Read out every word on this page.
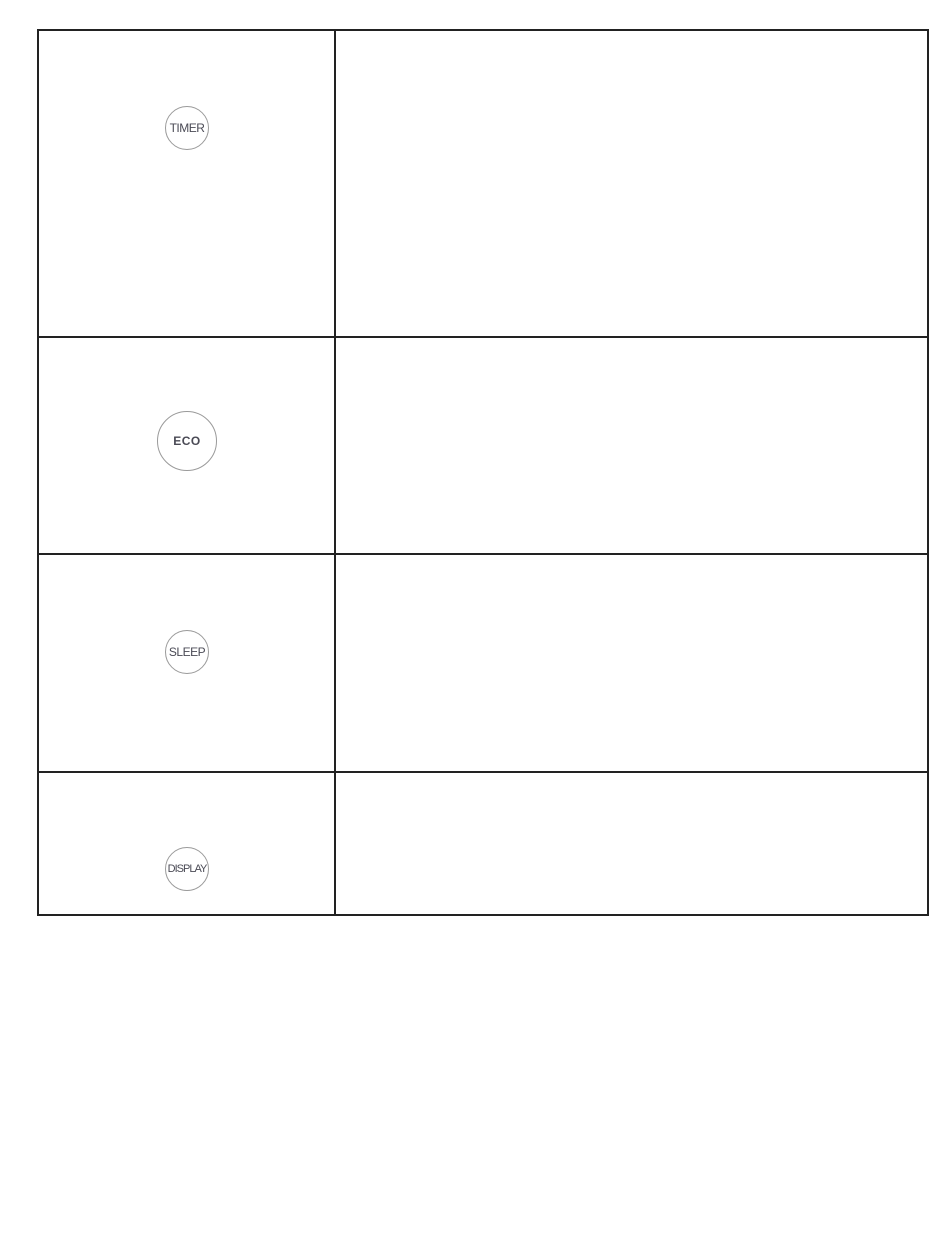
TIMER
ECO
SLEEP
DISPLAY
